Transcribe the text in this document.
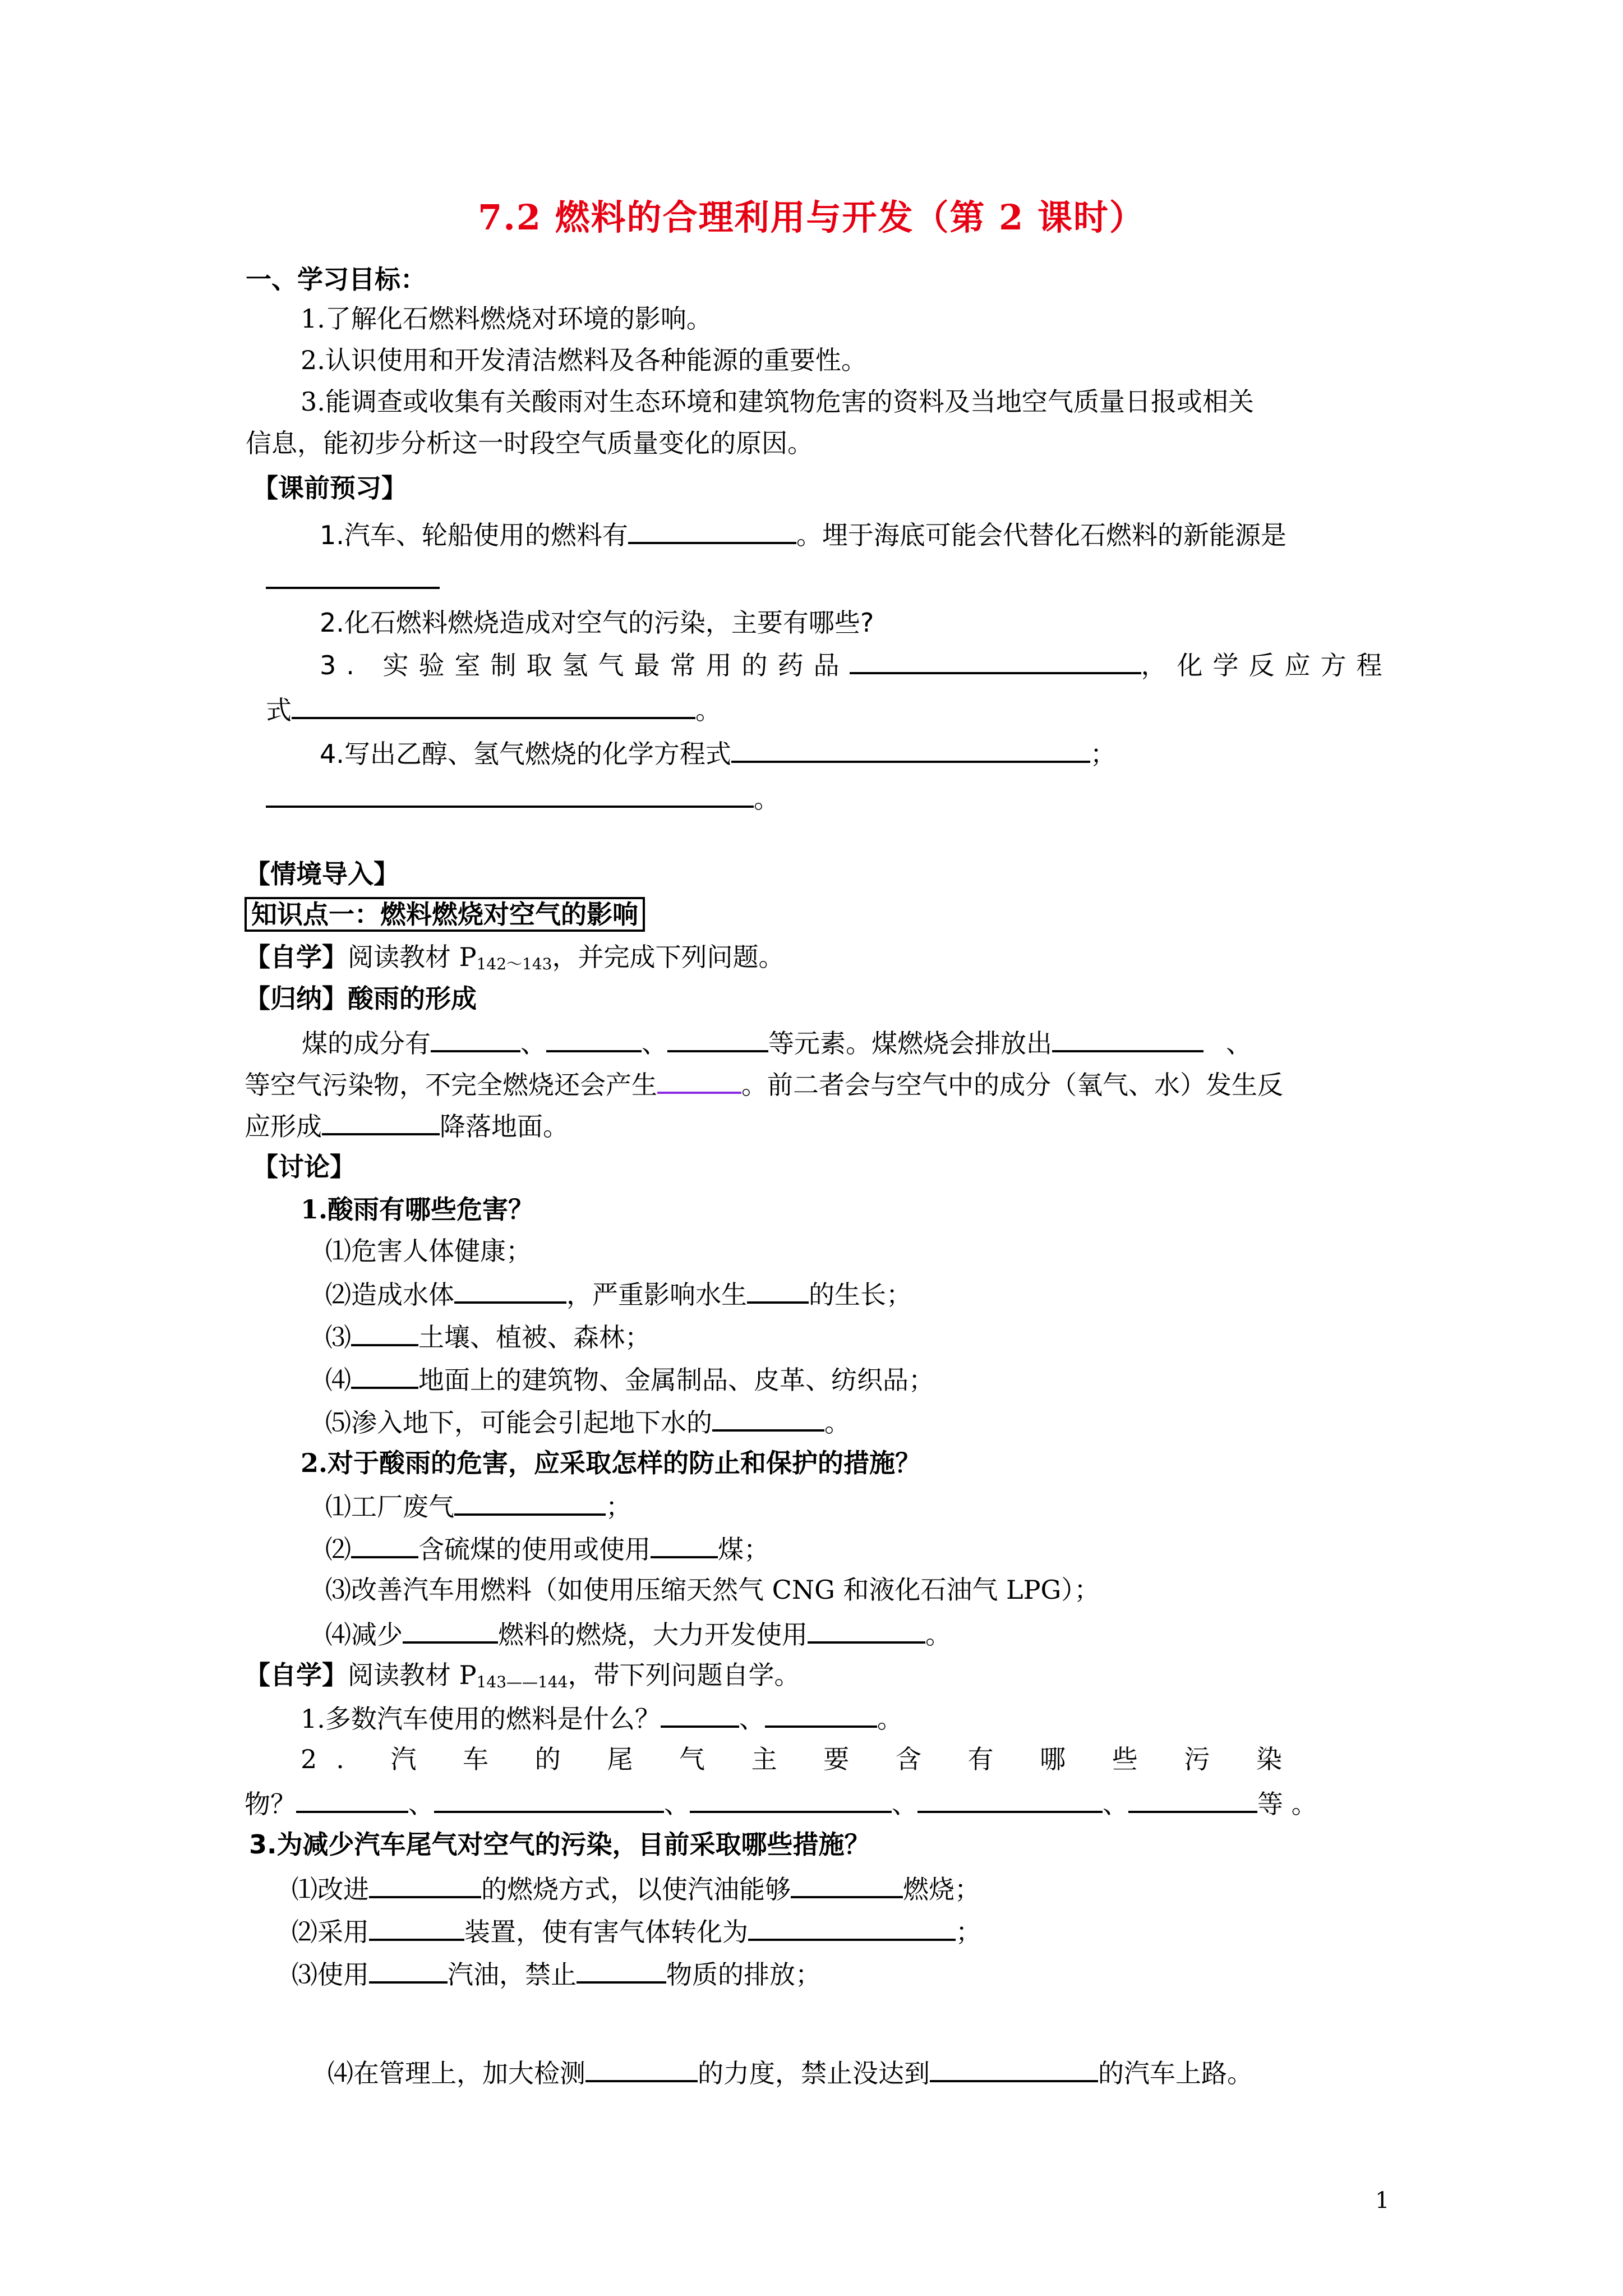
7.2 燃料的合理利用与开发（第 2 课时）
一、学习目标：
1.了解化石燃料燃烧对环境的影响。
2.认识使用和开发清洁燃料及各种能源的重要性。
3.能调查或收集有关酸雨对生态环境和建筑物危害的资料及当地空气质量日报或相关
信息，能初步分析这一时段空气质量变化的原因。
【课前预习】
1.汽车、轮船使用的燃料有	。埋于海底可能会代替化石燃料的新能源是
2.化石燃料燃烧造成对空气的污染，主要有哪些?
3. 实验室制取氢气最常用的药品	，化学反应方程
式	。
4.写出乙醇、氢气燃烧的化学方程式	；
。
【情境导入】
知识点一：燃料燃烧对空气的影响
【自学】阅读教材 $P_{142\sim 143}$，并完成下列问题。
【归纳】酸雨的形成
煤的成分有	、	、	等元素。煤燃烧会排放出	、
等空气污染物，不完全燃烧还会产生	。前二者会与空气中的成分（氧气、水）发生反
应形成	降落地面。
【讨论】
1.酸雨有哪些危害？
⑴危害人体健康；
⑵造成水体	，严重影响水生 的生长；
⑶	土壤、植被、森林；
⑷	地面上的建筑物、金属制品、皮革、纺织品；
⑸渗入地下，可能会引起地下水的	。
2.对于酸雨的危害，应采取怎样的防止和保护的措施？
⑴工厂废气	；
⑵	含硫煤的使用或使用	煤；
⑶改善汽车用燃料（如使用压缩天然气 CNG 和液化石油气 LPG）；
⑷减少	燃料的燃烧，大力开发使用	。
【自学】阅读教材 $P_{143——144}$，带下列问题自学。
1.多数汽车使用的燃料是什么？	、	。
2. 汽 车 的 尾 气 主 要 含 有 哪 些 污 染
物？	、	、	、	、	等 。
3.为减少汽车尾气对空气的污染，目前采取哪些措施？
⑴改进	的燃烧方式，以使汽油能够	燃烧；
⑵采用	装置，使有害气体转化为	；
⑶使用	汽油，禁止	物质的排放；
⑷在管理上，加大检测	的力度，禁止没达到	的汽车上路。
1
